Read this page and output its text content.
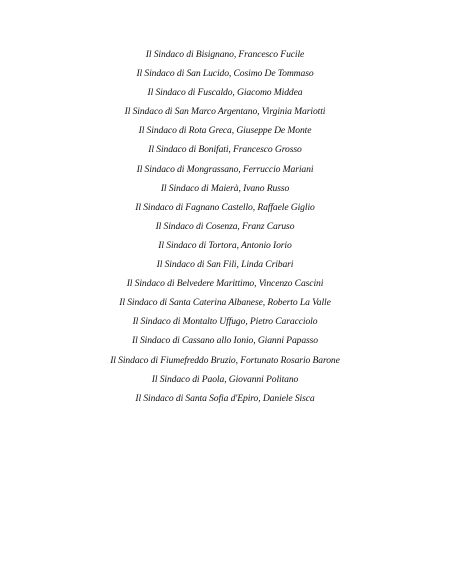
Il Sindaco di Bisignano, Francesco Fucile
Il Sindaco di San Lucido, Cosimo De Tommaso
Il Sindaco di Fuscaldo, Giacomo Middea
Il Sindaco di San Marco Argentano, Virginia Mariotti
Il Sindaco di Rota Greca, Giuseppe De Monte
Il Sindaco di Bonifati, Francesco Grosso
Il Sindaco di Mongrassano, Ferruccio Mariani
Il Sindaco di Maierà, Ivano Russo
Il Sindaco di Fagnano Castello, Raffaele Giglio
Il Sindaco di Cosenza, Franz Caruso
Il Sindaco di Tortora, Antonio Iorio
Il Sindaco di San Fili, Linda Cribari
Il Sindaco di Belvedere Marittimo, Vincenzo Cascini
Il Sindaco di Santa Caterina Albanese, Roberto La Valle
Il Sindaco di Montalto Uffugo, Pietro Caracciolo
Il Sindaco di Cassano allo Ionio, Gianni Papasso
Il Sindaco di Fiumefreddo Bruzio, Fortunato Rosario Barone
Il Sindaco di Paola, Giovanni Politano
Il Sindaco di Santa Sofia d'Epiro, Daniele Sisca
